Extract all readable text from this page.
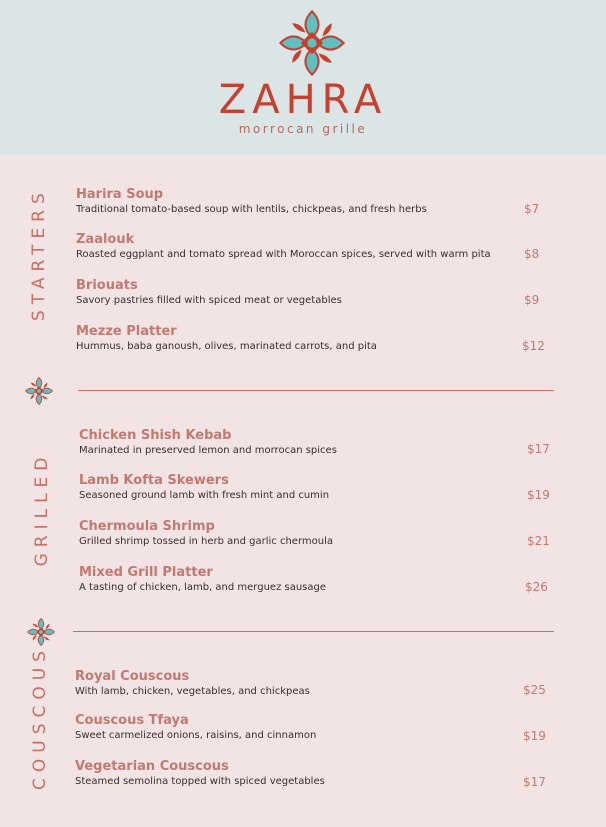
ZAHRA
morrocan grille
STARTERS Harira Soup
Traditional tomato-based soup with lentils, chickpeas, and fresh herbs	$7
Zaalouk
Roasted eggplant and tomato spread with Moroccan spices, served with warm pita	$8
Briouats
Savory pastries filled with spiced meat or vegetables	$9
Mezze Platter
Hummus, baba ganoush, olives, marinated carrots, and pita	$12
GRILLED
Chicken Shish Kebab
Marinated in preserved lemon and morrocan spices	$17
Lamb Kofta Skewers
Seasoned ground lamb with fresh mint and cumin	$19
Chermoula Shrimp
Grilled shrimp tossed in herb and garlic chermoula	$21
Mixed Grill Platter
A tasting of chicken, lamb, and merguez sausage	$26
COUSCOUS Royal Couscous
With lamb, chicken, vegetables, and chickpeas	$25
Couscous Tfaya
Sweet carmelized onions, raisins, and cinnamon	$19
Vegetarian Couscous
Steamed semolina topped with spiced vegetables	$17
